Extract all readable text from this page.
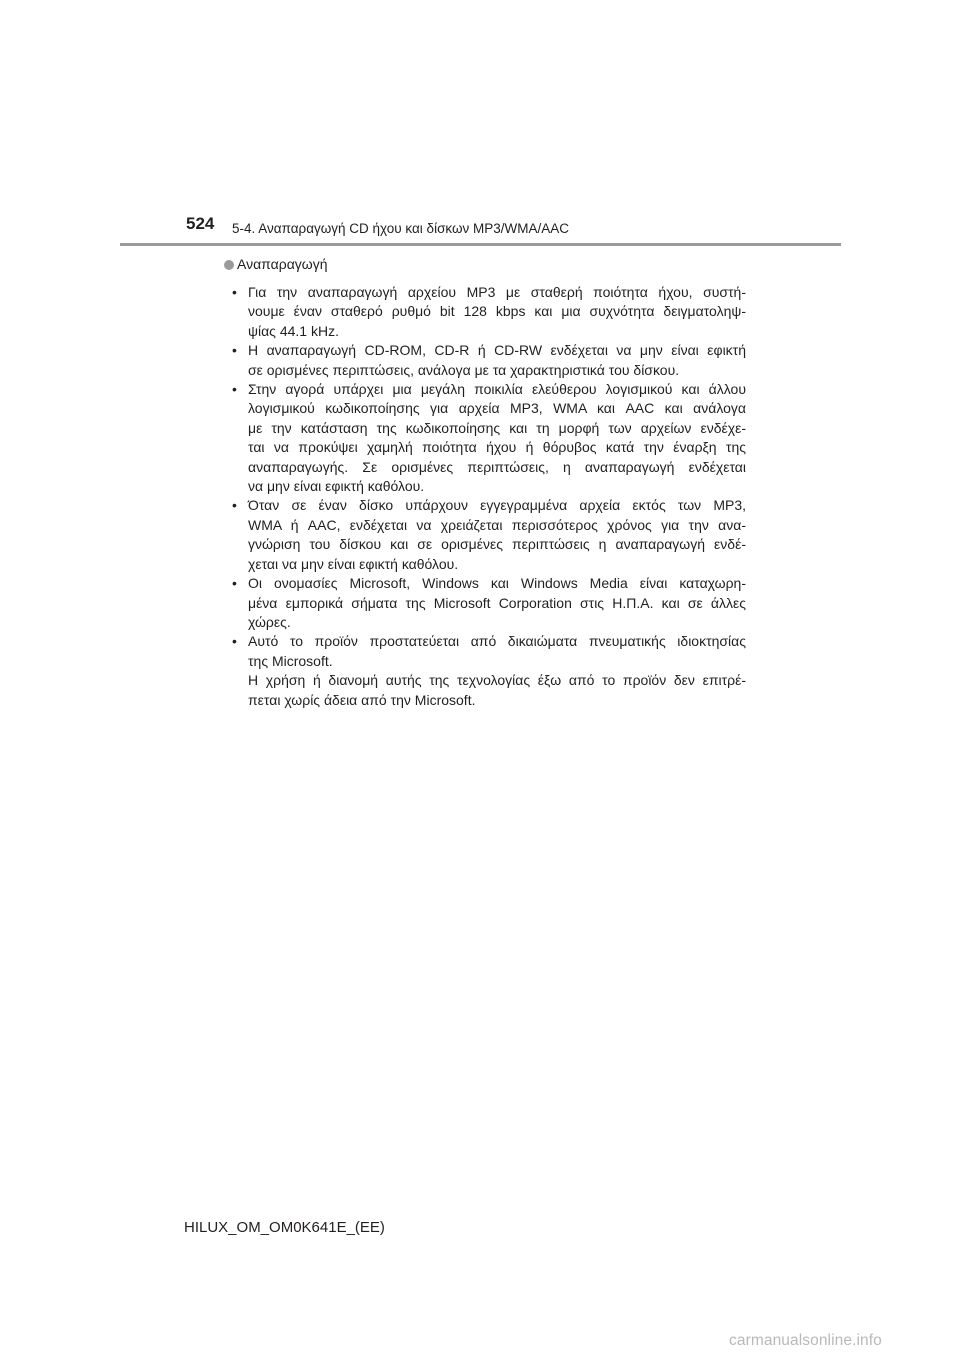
524 5-4. Αναπαραγωγή CD ήχου και δίσκων MP3/WMA/AAC
Αναπαραγωγή
• Για την αναπαραγωγή αρχείου MP3 με σταθερή ποιότητα ήχου, συστή-
νουμε έναν σταθερό ρυθμό bit 128 kbps και μια συχνότητα δειγματοληψ-
ψίας 44.1 kHz.
• Η αναπαραγωγή CD-ROM, CD-R ή CD-RW ενδέχεται να μην είναι εφικτή
σε ορισμένες περιπτώσεις, ανάλογα με τα χαρακτηριστικά του δίσκου.
• Στην αγορά υπάρχει μια μεγάλη ποικιλία ελεύθερου λογισμικού και άλλου
λογισμικού κωδικοποίησης για αρχεία MP3, WMA και AAC και ανάλογα
με την κατάσταση της κωδικοποίησης και τη μορφή των αρχείων ενδέχε-
ται να προκύψει χαμηλή ποιότητα ήχου ή θόρυβος κατά την έναρξη της
αναπαραγωγής. Σε ορισμένες περιπτώσεις, η αναπαραγωγή ενδέχεται
να μην είναι εφικτή καθόλου.
• Όταν σε έναν δίσκο υπάρχουν εγγεγραμμένα αρχεία εκτός των MP3,
WMA ή AAC, ενδέχεται να χρειάζεται περισσότερος χρόνος για την ανα-
γνώριση του δίσκου και σε ορισμένες περιπτώσεις η αναπαραγωγή ενδέ-
χεται να μην είναι εφικτή καθόλου.
• Οι ονομασίες Microsoft, Windows και Windows Media είναι καταχωρη-
μένα εμπορικά σήματα της Microsoft Corporation στις Η.Π.Α. και σε άλλες
χώρες.
• Αυτό το προϊόν προστατεύεται από δικαιώματα πνευματικής ιδιοκτησίας
της Microsoft.
Η χρήση ή διανομή αυτής της τεχνολογίας έξω από το προϊόν δεν επιτρέ-
πεται χωρίς άδεια από την Microsoft.
HILUX_OM_OM0K641E_(EE)
carmanualsonline.info
